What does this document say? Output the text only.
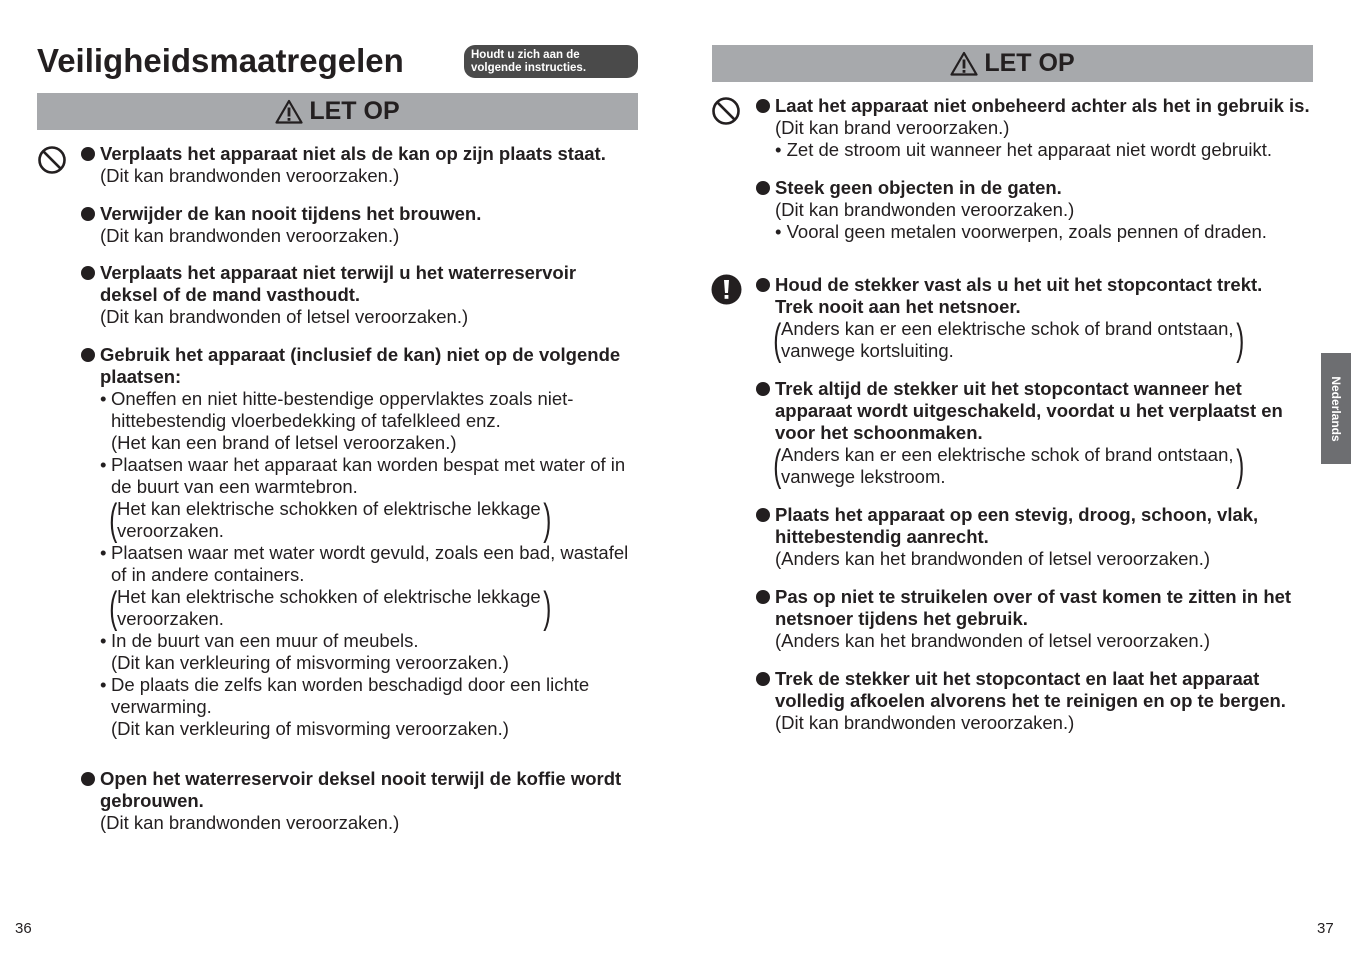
Veiligheidsmaatregelen	Houdt u zich aan de
volgende instructies.
LET OP
Verplaats het apparaat niet als de kan op zijn plaats staat.
(Dit kan brandwonden veroorzaken.)
Verwijder de kan nooit tijdens het brouwen.
(Dit kan brandwonden veroorzaken.)
Verplaats het apparaat niet terwijl u het waterreservoir
deksel of de mand vasthoudt.
(Dit kan brandwonden of letsel veroorzaken.)
Gebruik het apparaat (inclusief de kan) niet op de volgende
plaatsen:
• Oneffen en niet hitte-bestendige oppervlaktes zoals niet-
hittebestendig vloerbedekking of tafelkleed enz.
(Het kan een brand of letsel veroorzaken.)
• Plaatsen waar het apparaat kan worden bespat met water of in
de buurt van een warmtebron.
( Het kan elektrische schokken of elektrische lekkage
veroorzaken.	)
• Plaatsen waar met water wordt gevuld, zoals een bad, wastafel
of in andere containers.
( Het kan elektrische schokken of elektrische lekkage
veroorzaken.	)
• In de buurt van een muur of meubels.
(Dit kan verkleuring of misvorming veroorzaken.)
• De plaats die zelfs kan worden beschadigd door een lichte
verwarming.
(Dit kan verkleuring of misvorming veroorzaken.)
Open het waterreservoir deksel nooit terwijl de koffie wordt
gebrouwen.
(Dit kan brandwonden veroorzaken.)
36
LET OP
Laat het apparaat niet onbeheerd achter als het in gebruik is.
(Dit kan brand veroorzaken.)
• Zet de stroom uit wanneer het apparaat niet wordt gebruikt.
Steek geen objecten in de gaten.
(Dit kan brandwonden veroorzaken.)
• Vooral geen metalen voorwerpen, zoals pennen of draden.
Houd de stekker vast als u het uit het stopcontact trekt.
Trek nooit aan het netsnoer.
( Anders kan er een elektrische schok of brand ontstaan,
vanwege kortsluiting.	)
Trek altijd de stekker uit het stopcontact wanneer het
apparaat wordt uitgeschakeld, voordat u het verplaatst en
voor het schoonmaken.
( Anders kan er een elektrische schok of brand ontstaan,
vanwege lekstroom.	)
Plaats het apparaat op een stevig, droog, schoon, vlak,
hittebestendig aanrecht.
(Anders kan het brandwonden of letsel veroorzaken.)
Pas op niet te struikelen over of vast komen te zitten in het
netsnoer tijdens het gebruik.
(Anders kan het brandwonden of letsel veroorzaken.)
Trek de stekker uit het stopcontact en laat het apparaat
volledig afkoelen alvorens het te reinigen en op te bergen.
(Dit kan brandwonden veroorzaken.)
Nederlands
37
